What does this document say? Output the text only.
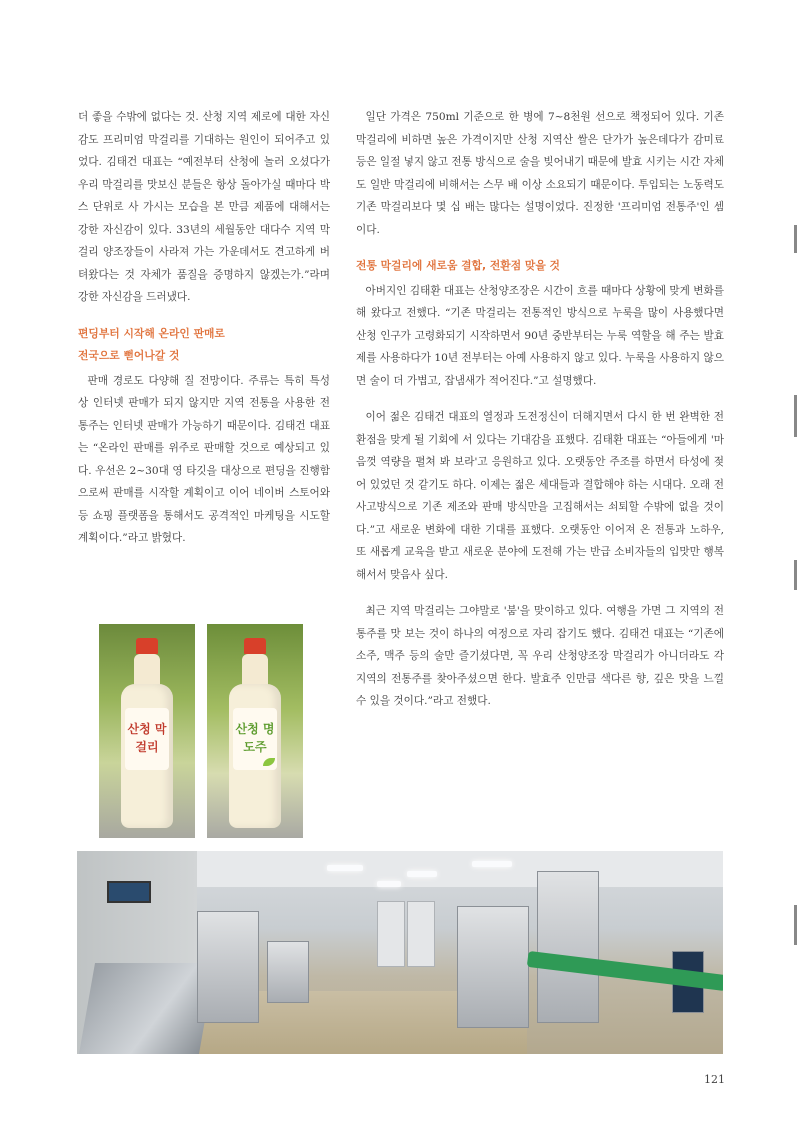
더 좋을 수밖에 없다는 것. 산청 지역 제로에 대한 자신감도 프리미엄 막걸리를 기대하는 원인이 되어주고 있었다. 김태건 대표는 “예전부터 산청에 놀러 오셨다가 우리 막걸리를 맛보신 분들은 항상 돌아가실 때마다 박스 단위로 사 가시는 모습을 본 만큼 제품에 대해서는 강한 자신감이 있다. 33년의 세월동안 대다수 지역 막걸리 양조장들이 사라져 가는 가운데서도 견고하게 버텨왔다는 것 자체가 품질을 증명하지 않겠는가.”라며 강한 자신감을 드러냈다.

편딩부터 시작해 온라인 판매로
전국으로 뻗어나갈 것

판매 경로도 다양해 질 전망이다. 주류는 특히 특성 상 인터넷 판매가 되지 않지만 지역 전통을 사용한 전통주는 인터넷 판매가 가능하기 때문이다. 김태건 대표는 “온라인 판매를 위주로 판매할 것으로 예상되고 있다. 우선은 2~30대 영 타깃을 대상으로 편딩을 진행함으로써 판매를 시작할 계획이고 이어 네이버 스토어와 등 쇼핑 플랫폼을 통해서도 공격적인 마케팅을 시도할 계획이다.”라고 밝혔다.

일단 가격은 750ml 기준으로 한 병에 7~8천원 선으로 책정되어 있다. 기존 막걸리에 비하면 높은 가격이지만 산청 지역산 쌀은 단가가 높은데다가 감미료 등은 일절 넣지 않고 전통 방식으로 술을 빚어내기 때문에 발효 시키는 시간 자체도 일반 막걸리에 비해서는 스무 배 이상 소요되기 때문이다. 투입되는 노동력도 기존 막걸리보다 몇 십 배는 많다는 설명이었다. 진정한 '프리미엄 전통주'인 셈이다.

전통 막걸리에 새로움 결합, 전환점 맞을 것

아버지인 김태환 대표는 산청양조장은 시간이 흐를 때마다 상황에 맞게 변화를 해 왔다고 전했다. “기존 막걸리는 전통적인 방식으로 누룩을 많이 사용했다면 산청 인구가 고령화되기 시작하면서 90년 중반부터는 누룩 역할을 해 주는 발효제를 사용하다가 10년 전부터는 아예 사용하지 않고 있다. 누룩을 사용하지 않으면 술이 더 가볍고, 잡냄새가 적어진다.”고 설명했다.

이어 젊은 김태건 대표의 열정과 도전정신이 더해지면서 다시 한 번 완벽한 전환점을 맞게 될 기회에 서 있다는 기대감을 표했다. 김태환 대표는 “아들에게 '마음껏 역량을 펼쳐 봐 보라'고 응원하고 있다. 오랫동안 주조를 하면서 타성에 젖어 있었던 것 같기도 하다. 이제는 젊은 세대들과 결합해야 하는 시대다. 오래 전 사고방식으로 기존 제조와 판매 방식만을 고집해서는 쇠퇴할 수밖에 없을 것이다.”고 새로운 변화에 대한 기대를 표했다. 오랫동안 이어져 온 전통과 노하우, 또 새롭게 교육을 받고 새로운 분야에 도전해 가는 반급 소비자들의 입맛만 행복해서서 맞음사 싶다.

최근 지역 막걸리는 그야말로 '붐'을 맞이하고 있다. 여행을 가면 그 지역의 전통주를 맛 보는 것이 하나의 여정으로 자리 잡기도 했다. 김태건 대표는 “기존에 소주, 맥주 등의 술만 즐기셨다면, 꼭 우리 산청양조장 막걸리가 아니더라도 각 지역의 전통주를 찾아주셨으면 한다. 발효주 인만큼 색다른 향, 깊은 맛을 느낄 수 있을 것이다.”라고 전했다.

산청 막걸리
산청 명도주
121
